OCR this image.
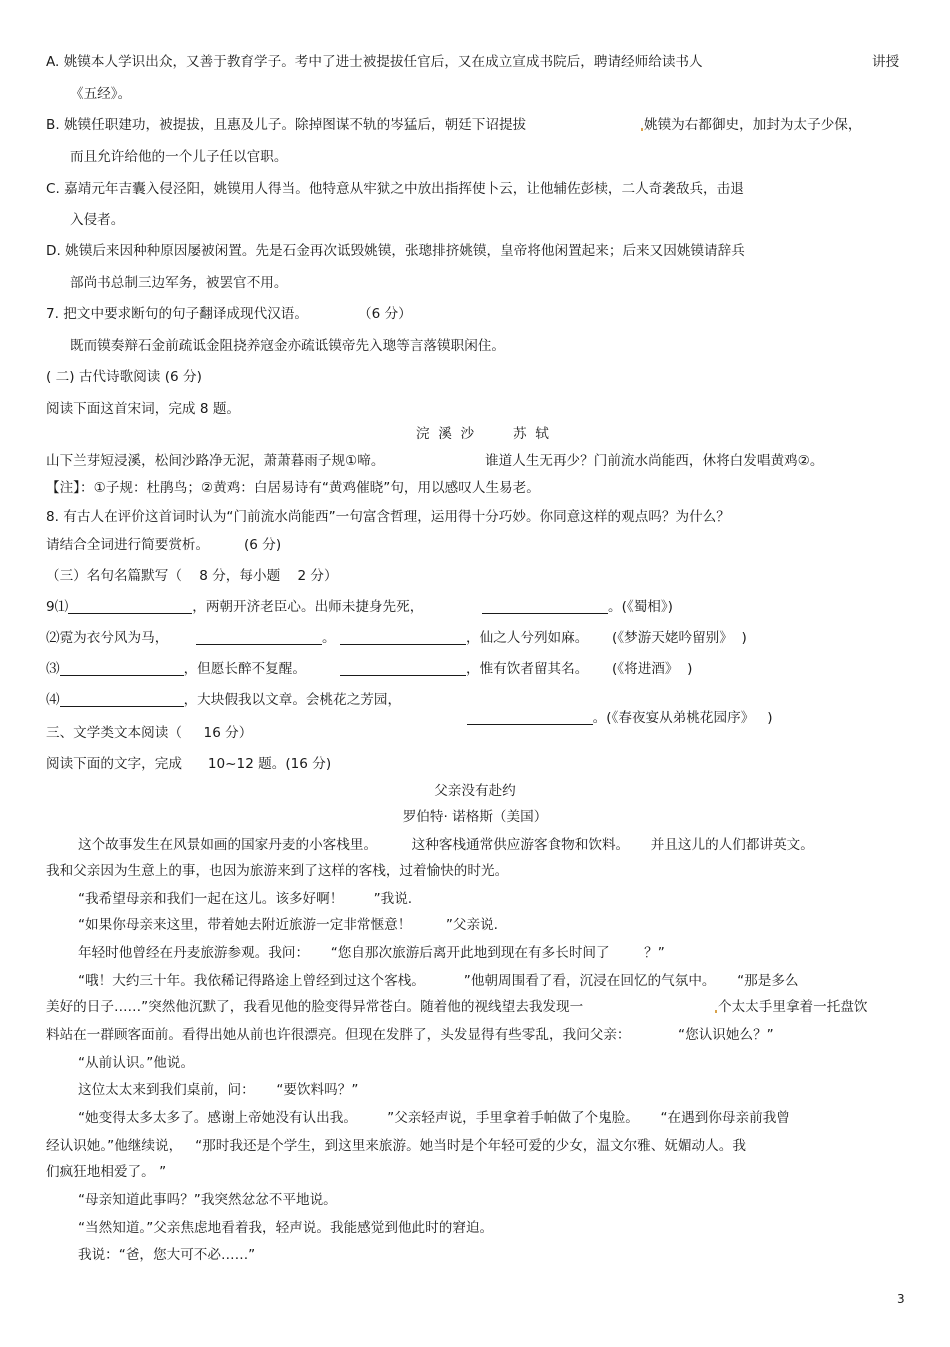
A. 姚镆本人学识出众，又善于教育学子。考中了进士被提拔任官后，又在成立宣成书院后，聘请经师给读书人	讲授
《五经》。
B. 姚镆任职建功，被提拔，且惠及儿子。除掉图谋不轨的岑猛后，朝廷下诏提拔	姚镆为右都御史，加封为太子少保，
而且允许给他的一个儿子任以官职。
C. 嘉靖元年吉囊入侵泾阳，姚镆用人得当。他特意从牢狱之中放出指挥使卜云，让他辅佐彭椟，二人奇袭敌兵，击退
入侵者。
D. 姚镆后来因种种原因屡被闲置。先是石金再次诋毁姚镆，张璁排挤姚镆，皇帝将他闲置起来；后来又因姚镆请辞兵
部尚书总制三边军务，被罢官不用。
7. 把文中要求断句的句子翻译成现代汉语。	（6 分）
既而镆奏辩石金前疏诋金阻挠养寇金亦疏诋镆帝先入璁等言落镆职闲住。
( 二) 古代诗歌阅读 (6 分)
阅读下面这首宋词，完成 8 题。
浣  溪  沙         苏  轼
山下兰芽短浸溪，松间沙路净无泥，萧萧暮雨子规①啼。	谁道人生无再少？门前流水尚能西，休将白发唱黄鸡②。
【注】：①子规：杜鹃鸟；②黄鸡：白居易诗有“黄鸡催晓”句，用以感叹人生易老。
8. 有古人在评价这首词时认为“门前流水尚能西”一句富含哲理，运用得十分巧妙。你同意这样的观点吗？为什么？
请结合全词进行简要赏析。	(6 分)
（三）名句名篇默写（    8 分，每小题    2 分）
9⑴	，两朝开济老臣心。出师未捷身先死，	。(《蜀相》)
⑵霓为衣兮风为马，	。	，仙之人兮列如麻。 (《梦游天姥吟留别》  )
⑶	，但愿长醉不复醒。	，惟有饮者留其名。 (《将进酒》  )
⑷	，大块假我以文章。会桃花之芳园，

。(《春夜宴从弟桃花园序》   )

三、文学类文本阅读（     16 分）
阅读下面的文字，完成      10~12 题。(16 分)
父亲没有赴约
罗伯特· 诺格斯（美国）
这个故事发生在风景如画的国家丹麦的小客栈里。        这种客栈通常供应游客食物和饮料。     并且这儿的人们都讲英文。
我和父亲因为生意上的事，也因为旅游来到了这样的客栈，过着愉快的时光。
“我希望母亲和我们一起在这儿。该多好啊！       ”我说.
“如果你母亲来这里，带着她去附近旅游一定非常惬意！        ”父亲说.
年轻时他曾经在丹麦旅游参观。我问：     “您自那次旅游后离开此地到现在有多长时间了        ？”
“哦！大约三十年。我依稀记得路途上曾经到过这个客栈。         ”他朝周围看了看，沉浸在回忆的气氛中。     “那是多么
美好的日子……”突然他沉默了，我看见他的脸变得异常苍白。随着他的视线望去我发现一	个太太手里拿着一托盘饮
料站在一群顾客面前。看得出她从前也许很漂亮。但现在发胖了，头发显得有些零乱，我问父亲：           “您认识她么？”
“从前认识。”他说。
这位太太来到我们桌前，问：     “要饮料吗？”
“她变得太多太多了。感谢上帝她没有认出我。       ”父亲轻声说，手里拿着手帕做了个鬼脸。     “在遇到你母亲前我曾
经认识她。”他继续说，   “那时我还是个学生，到这里来旅游。她当时是个年轻可爱的少女，温文尔雅、妩媚动人。我
们疯狂地相爱了。 ”
“母亲知道此事吗？”我突然忿忿不平地说。
“当然知道。”父亲焦虑地看着我，轻声说。我能感觉到他此时的窘迫。
我说：“爸，您大可不必……”
3
